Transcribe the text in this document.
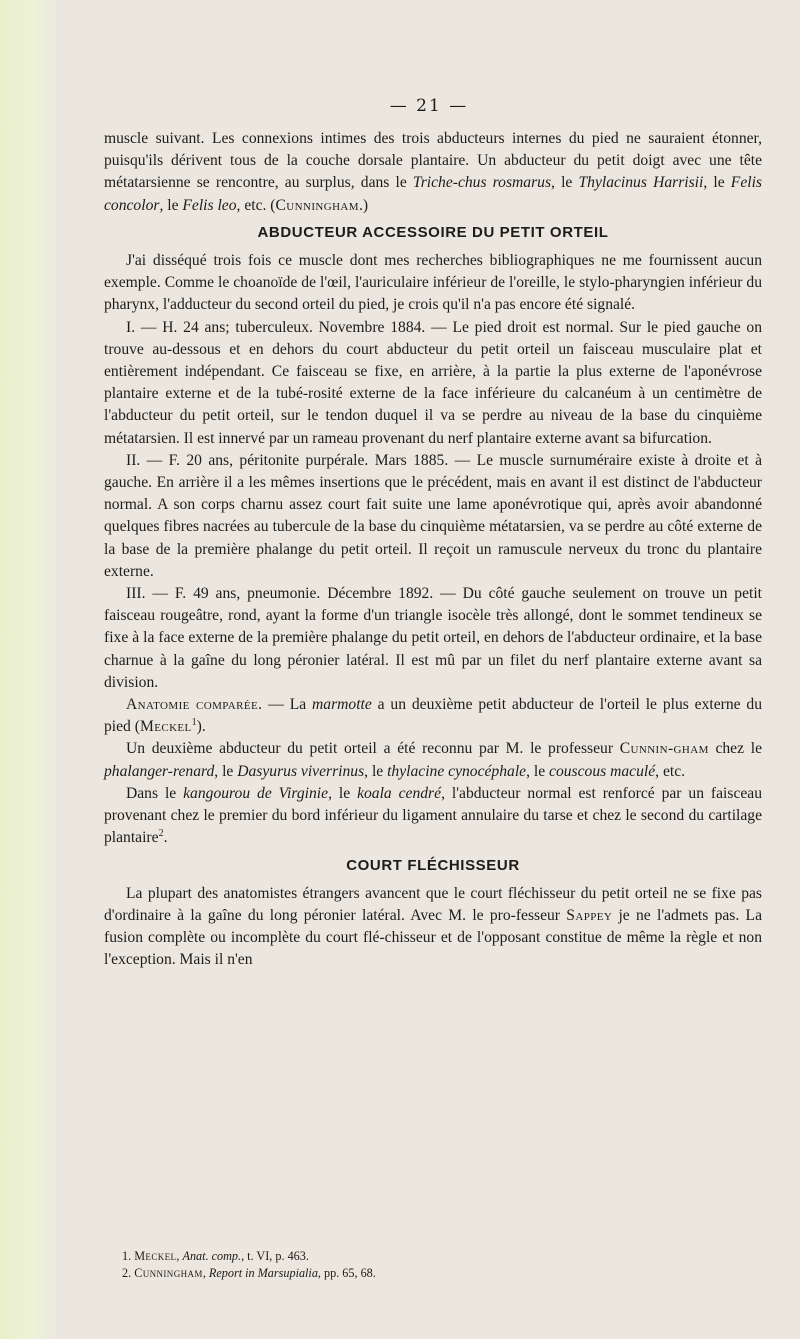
— 21 —

muscle suivant. Les connexions intimes des trois abducteurs internes du pied ne sauraient étonner, puisqu'ils dérivent tous de la couche dorsale plantaire. Un abducteur du petit doigt avec une tête métatarsienne se rencontre, au surplus, dans le Triche-chus rosmarus, le Thylacinus Harrisii, le Felis concolor, le Felis leo, etc. (Cunningham.)

ABDUCTEUR ACCESSOIRE DU PETIT ORTEIL

J'ai disséqué trois fois ce muscle dont mes recherches bibliographiques ne me fournissent aucun exemple. Comme le choanoïde de l'œil, l'auriculaire inférieur de l'oreille, le stylo-pharyngien inférieur du pharynx, l'adducteur du second orteil du pied, je crois qu'il n'a pas encore été signalé.

I. — H. 24 ans; tuberculeux. Novembre 1884. — Le pied droit est normal. Sur le pied gauche on trouve au-dessous et en dehors du court abducteur du petit orteil un faisceau musculaire plat et entièrement indépendant. Ce faisceau se fixe, en arrière, à la partie la plus externe de l'aponévrose plantaire externe et de la tubé-rosité externe de la face inférieure du calcanéum à un centimètre de l'abducteur du petit orteil, sur le tendon duquel il va se perdre au niveau de la base du cinquième métatarsien. Il est innervé par un rameau provenant du nerf plantaire externe avant sa bifurcation.

II. — F. 20 ans, péritonite purpérale. Mars 1885. — Le muscle surnuméraire existe à droite et à gauche. En arrière il a les mêmes insertions que le précédent, mais en avant il est distinct de l'abducteur normal. A son corps charnu assez court fait suite une lame aponévrotique qui, après avoir abandonné quelques fibres nacrées au tubercule de la base du cinquième métatarsien, va se perdre au côté externe de la base de la première phalange du petit orteil. Il reçoit un ramuscule nerveux du tronc du plantaire externe.

III. — F. 49 ans, pneumonie. Décembre 1892. — Du côté gauche seulement on trouve un petit faisceau rougeâtre, rond, ayant la forme d'un triangle isocèle très allongé, dont le sommet tendineux se fixe à la face externe de la première phalange du petit orteil, en dehors de l'abducteur ordinaire, et la base charnue à la gaîne du long péronier latéral. Il est mû par un filet du nerf plantaire externe avant sa division.

Anatomie comparée. — La marmotte a un deuxième petit abducteur de l'orteil le plus externe du pied (Meckel$^1$).

Un deuxième abducteur du petit orteil a été reconnu par M. le professeur Cunnin-gham chez le phalanger-renard, le Dasyurus viverrinus, le thylacine cynocéphale, le couscous maculé, etc.

Dans le kangourou de Virginie, le koala cendré, l'abducteur normal est renforcé par un faisceau provenant chez le premier du bord inférieur du ligament annulaire du tarse et chez le second du cartilage plantaire$^2$.

COURT FLÉCHISSEUR

La plupart des anatomistes étrangers avancent que le court fléchisseur du petit orteil ne se fixe pas d'ordinaire à la gaîne du long péronier latéral. Avec M. le pro-fesseur Sappey je ne l'admets pas. La fusion complète ou incomplète du court flé-chisseur et de l'opposant constitue de même la règle et non l'exception. Mais il n'en

1. Meckel, Anat. comp., t. VI, p. 463.
2. Cunningham, Report in Marsupialia, pp. 65, 68.
